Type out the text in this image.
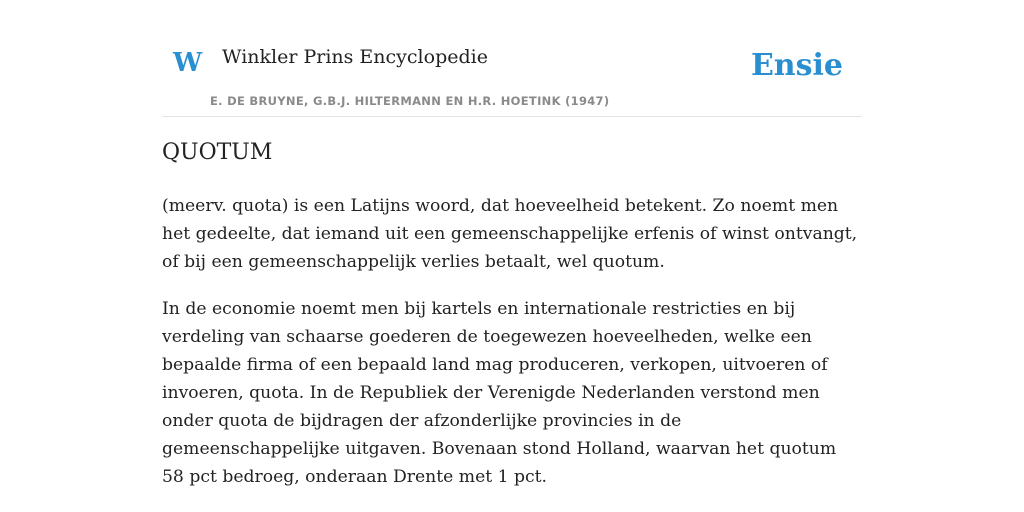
W Winkler Prins Encyclopedie
E. DE BRUYNE, G.B.J. HILTERMANN EN H.R. HOETINK (1947)
Ensie
QUOTUM

(meerv. quota) is een Latijns woord, dat hoeveelheid betekent. Zo noemt men het gedeelte, dat iemand uit een gemeenschappelijke erfenis of winst ontvangt, of bij een gemeenschappelijk verlies betaalt, wel quotum.

In de economie noemt men bij kartels en internationale restricties en bij verdeling van schaarse goederen de toegewezen hoeveelheden, welke een bepaalde firma of een bepaald land mag produceren, verkopen, uitvoeren of invoeren, quota. In de Republiek der Verenigde Nederlanden verstond men onder quota de bijdragen der afzonderlijke provincies in de gemeenschappelijke uitgaven. Bovenaan stond Holland, waarvan het quotum 58 pct bedroeg, onderaan Drente met 1 pct.
